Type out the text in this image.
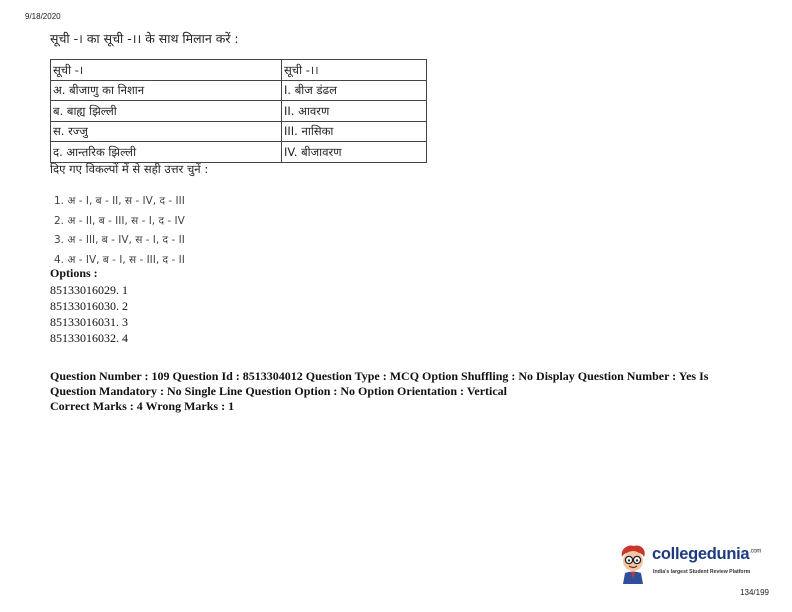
9/18/2020
सूची -। का सूची -।। के साथ मिलान करें :
सूची -।	सूची -।।
अ. बीजाणु का निशान	I. बीज डंढल
ब. बाह्य झिल्ली	II. आवरण
स. रज्जु	III. नासिका
द. आन्तरिक झिल्ली	IV. बीजावरण
दिए गए विकल्पों में से सही उत्तर चुनें :
1. अ - I, ब - II, स - IV, द - III
2. अ - II, ब - III, स - I, द - IV
3. अ - III, ब - IV, स - I, द - II
4. अ - IV, ब - I, स - III, द - II
Options :
85133016029. 1
85133016030. 2
85133016031. 3
85133016032. 4
Question Number : 109 Question Id : 8513304012 Question Type : MCQ Option Shuffling : No Display Question Number : Yes Is
Question Mandatory : No Single Line Question Option : No Option Orientation : Vertical
Correct Marks : 4 Wrong Marks : 1
collegedunia$^{.com}$
India's largest Student Review Platform
134/199
